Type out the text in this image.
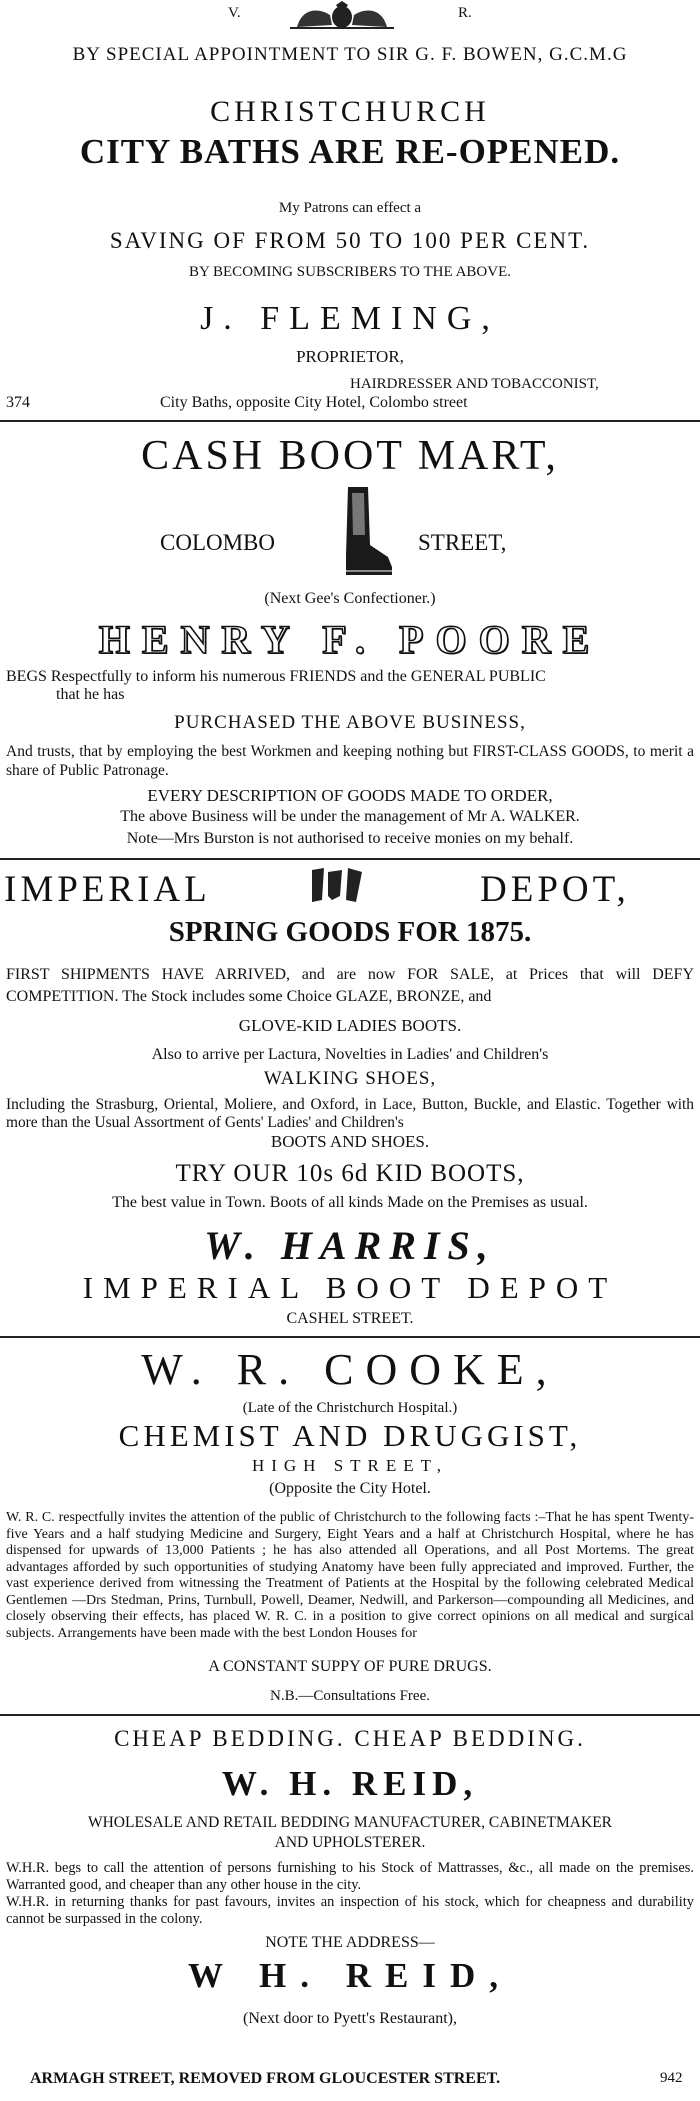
V.	R.
BY SPECIAL APPOINTMENT TO SIR G. F. BOWEN, G.C.M.G
CHRISTCHURCH
CITY BATHS ARE RE-OPENED.
My Patrons can effect a
SAVING OF FROM 50 TO 100 PER CENT.
BY BECOMING SUBSCRIBERS TO THE ABOVE.
J. FLEMING,
PROPRIETOR,
HAIRDRESSER AND TOBACCONIST,
374	City Baths, opposite City Hotel, Colombo street
CASH BOOT MART,
COLOMBO	STREET,
(Next Gee's Confectioner.)
HENRY F. POORE
BEGS Respectfully to inform his numerous FRIENDS and the GENERAL PUBLIC
that he has
PURCHASED THE ABOVE BUSINESS,
And trusts, that by employing the best Workmen and keeping nothing but FIRST-CLASS GOODS, to merit a share of Public Patronage.
EVERY DESCRIPTION OF GOODS MADE TO ORDER,
The above Business will be under the management of Mr A. WALKER.
Note—Mrs Burston is not authorised to receive monies on my behalf.
IMPERIAL	DEPOT,
SPRING GOODS FOR 1875.
FIRST SHIPMENTS HAVE ARRIVED, and are now FOR SALE, at Prices that will DEFY COMPETITION. The Stock includes some Choice GLAZE, BRONZE, and
GLOVE-KID LADIES BOOTS.
Also to arrive per Lactura, Novelties in Ladies' and Children's
WALKING SHOES,
Including the Strasburg, Oriental, Moliere, and Oxford, in Lace, Button, Buckle, and Elastic. Together with more than the Usual Assortment of Gents' Ladies' and Children's
BOOTS AND SHOES.
TRY OUR 10s 6d KID BOOTS,
The best value in Town. Boots of all kinds Made on the Premises as usual.
W. HARRIS,
IMPERIAL BOOT DEPOT
CASHEL STREET.
W. R. COOKE,
(Late of the Christchurch Hospital.)
CHEMIST AND DRUGGIST,
HIGH STREET,
(Opposite the City Hotel.
W. R. C. respectfully invites the attention of the public of Christchurch to the following facts :–That he has spent Twenty-five Years and a half studying Medicine and Surgery, Eight Years and a half at Christchurch Hospital, where he has dispensed for upwards of 13,000 Patients ; he has also attended all Operations, and all Post Mortems. The great advantages afforded by such opportunities of studying Anatomy have been fully appreciated and improved. Further, the vast experience derived from witnessing the Treatment of Patients at the Hospital by the following celebrated Medical Gentlemen —Drs Stedman, Prins, Turnbull, Powell, Deamer, Nedwill, and Parkerson—compounding all Medicines, and closely observing their effects, has placed W. R. C. in a position to give correct opinions on all medical and surgical subjects. Arrangements have been made with the best London Houses for
A CONSTANT SUPPY OF PURE DRUGS.
N.B.—Consultations Free.
CHEAP BEDDING. CHEAP BEDDING.
W. H. REID,
WHOLESALE AND RETAIL BEDDING MANUFACTURER, CABINETMAKER
AND UPHOLSTERER.
W.H.R. begs to call the attention of persons furnishing to his Stock of Mattrasses, &c., all made on the premises. Warranted good, and cheaper than any other house in the city.
W.H.R. in returning thanks for past favours, invites an inspection of his stock, which for cheapness and durability cannot be surpassed in the colony.
NOTE THE ADDRESS—
W H. REID,
(Next door to Pyett's Restaurant),
ARMAGH STREET, REMOVED FROM GLOUCESTER STREET.	942
